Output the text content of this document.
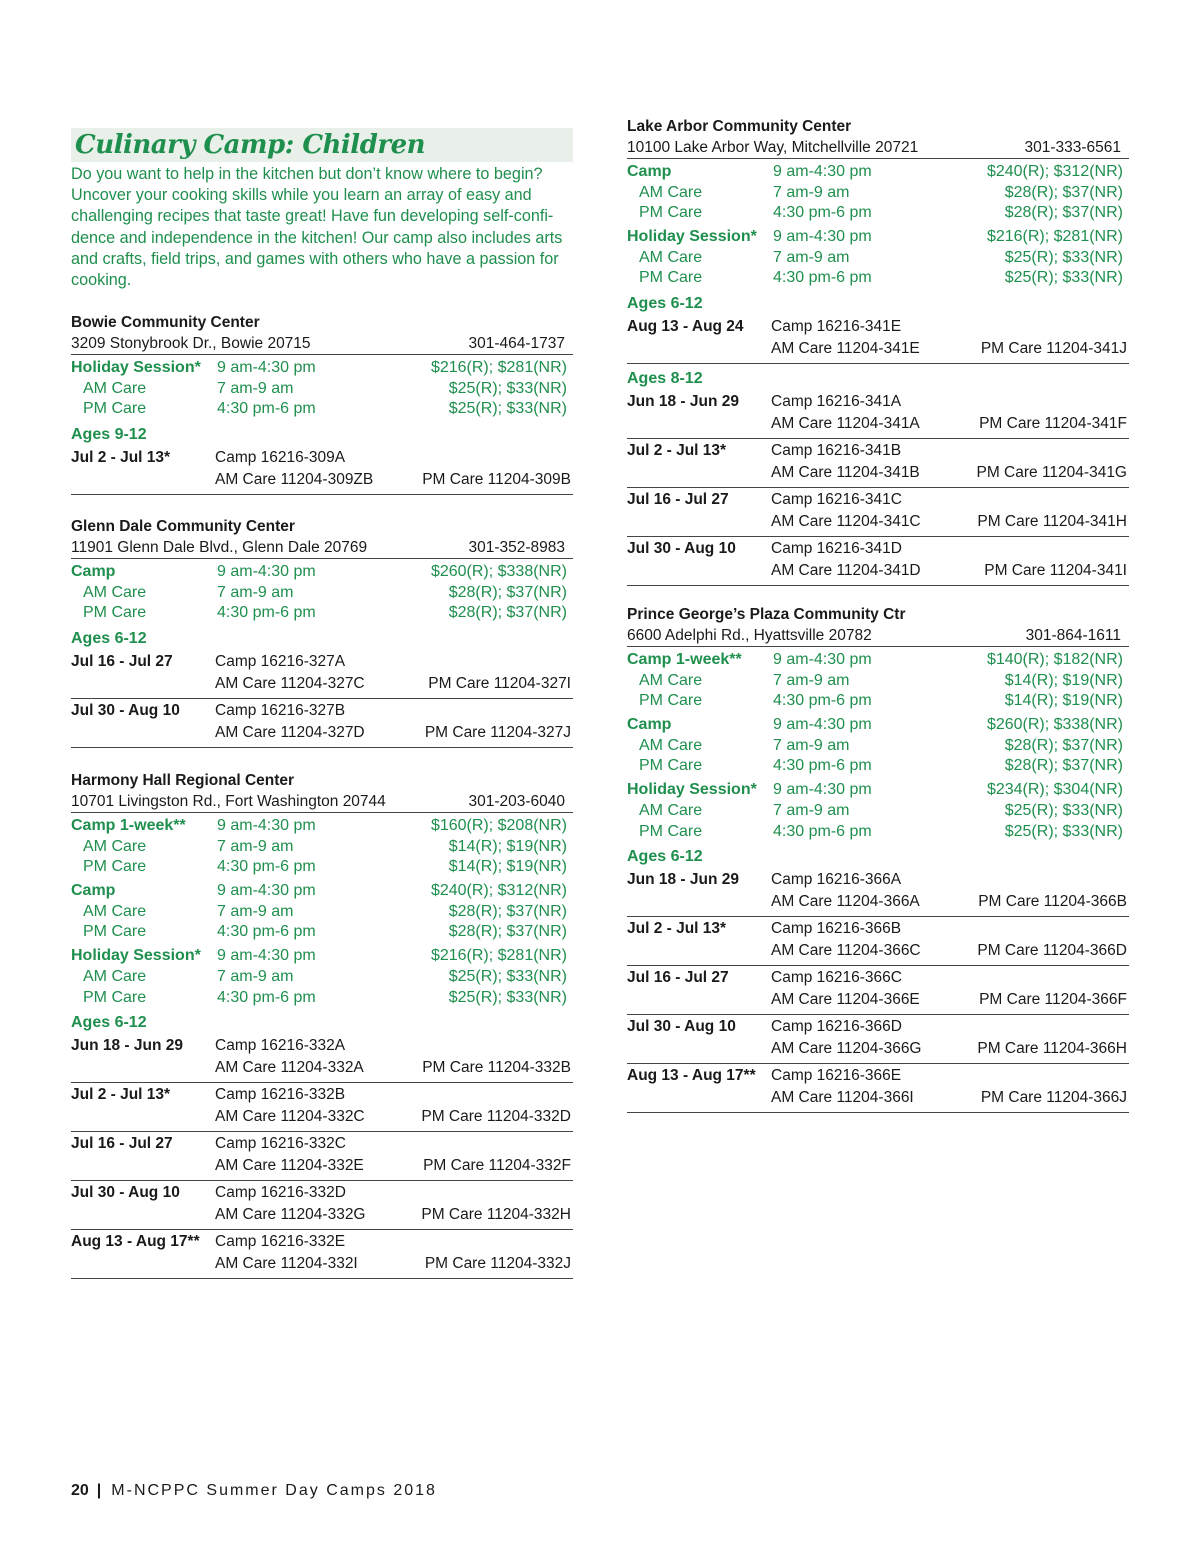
Culinary Camp: Children
Do you want to help in the kitchen but don’t know where to begin? Uncover your cooking skills while you learn an array of easy and challenging recipes that taste great! Have fun developing self-confi-dence and independence in the kitchen! Our camp also includes arts and crafts, field trips, and games with others who have a passion for cooking.
Bowie Community Center
3209 Stonybrook Dr., Bowie 20715	301-464-1737
Holiday Session* 9 am-4:30 pm	$216(R); $281(NR)
AM Care	7 am-9 am	$25(R); $33(NR)
PM Care	4:30 pm-6 pm	$25(R); $33(NR)
Ages 9-12
Jul 2 - Jul 13*	Camp 16216-309A
AM Care 11204-309ZB	PM Care 11204-309B
Glenn Dale Community Center
11901 Glenn Dale Blvd., Glenn Dale 20769	301-352-8983
Camp	9 am-4:30 pm	$260(R); $338(NR)
AM Care	7 am-9 am	$28(R); $37(NR)
PM Care	4:30 pm-6 pm	$28(R); $37(NR)
Ages 6-12
Jul 16 - Jul 27	Camp 16216-327A
AM Care 11204-327C	PM Care 11204-327I
Jul 30 - Aug 10 Camp 16216-327B
AM Care 11204-327D	PM Care 11204-327J
Harmony Hall Regional Center
10701 Livingston Rd., Fort Washington 20744	301-203-6040
Camp 1-week** 9 am-4:30 pm	$160(R); $208(NR)
AM Care	7 am-9 am	$14(R); $19(NR)
PM Care	4:30 pm-6 pm	$14(R); $19(NR)
Camp	9 am-4:30 pm	$240(R); $312(NR)
AM Care	7 am-9 am	$28(R); $37(NR)
PM Care	4:30 pm-6 pm	$28(R); $37(NR)
Holiday Session* 9 am-4:30 pm	$216(R); $281(NR)
AM Care	7 am-9 am	$25(R); $33(NR)
PM Care	4:30 pm-6 pm	$25(R); $33(NR)
Ages 6-12
Jun 18 - Jun 29 Camp 16216-332A
AM Care 11204-332A	PM Care 11204-332B
Jul 2 - Jul 13*	Camp 16216-332B
AM Care 11204-332C	PM Care 11204-332D
Jul 16 - Jul 27	Camp 16216-332C
AM Care 11204-332E	PM Care 11204-332F
Jul 30 - Aug 10 Camp 16216-332D
AM Care 11204-332G	PM Care 11204-332H
Aug 13 - Aug 17** Camp 16216-332E
AM Care 11204-332I	PM Care 11204-332J
Lake Arbor Community Center
10100 Lake Arbor Way, Mitchellville 20721	301-333-6561
Camp	9 am-4:30 pm	$240(R); $312(NR)
AM Care	7 am-9 am	$28(R); $37(NR)
PM Care	4:30 pm-6 pm	$28(R); $37(NR)
Holiday Session* 9 am-4:30 pm	$216(R); $281(NR)
AM Care	7 am-9 am	$25(R); $33(NR)
PM Care	4:30 pm-6 pm	$25(R); $33(NR)
Ages 6-12
Aug 13 - Aug 24 Camp 16216-341E
AM Care 11204-341E	PM Care 11204-341J
Ages 8-12
Jun 18 - Jun 29 Camp 16216-341A
AM Care 11204-341A	PM Care 11204-341F
Jul 2 - Jul 13*	Camp 16216-341B
AM Care 11204-341B	PM Care 11204-341G
Jul 16 - Jul 27	Camp 16216-341C
AM Care 11204-341C	PM Care 11204-341H
Jul 30 - Aug 10 Camp 16216-341D
AM Care 11204-341D	PM Care 11204-341I
Prince George’s Plaza Community Ctr
6600 Adelphi Rd., Hyattsville 20782	301-864-1611
Camp 1-week** 9 am-4:30 pm	$140(R); $182(NR)
AM Care	7 am-9 am	$14(R); $19(NR)
PM Care	4:30 pm-6 pm	$14(R); $19(NR)
Camp	9 am-4:30 pm	$260(R); $338(NR)
AM Care	7 am-9 am	$28(R); $37(NR)
PM Care	4:30 pm-6 pm	$28(R); $37(NR)
Holiday Session* 9 am-4:30 pm	$234(R); $304(NR)
AM Care	7 am-9 am	$25(R); $33(NR)
PM Care	4:30 pm-6 pm	$25(R); $33(NR)
Ages 6-12
Jun 18 - Jun 29 Camp 16216-366A
AM Care 11204-366A	PM Care 11204-366B
Jul 2 - Jul 13*	Camp 16216-366B
AM Care 11204-366C	PM Care 11204-366D
Jul 16 - Jul 27	Camp 16216-366C
AM Care 11204-366E	PM Care 11204-366F
Jul 30 - Aug 10 Camp 16216-366D
AM Care 11204-366G	PM Care 11204-366H
Aug 13 - Aug 17** Camp 16216-366E
AM Care 11204-366I	PM Care 11204-366J
20 | M-NCPPC Summer Day Camps 2018
